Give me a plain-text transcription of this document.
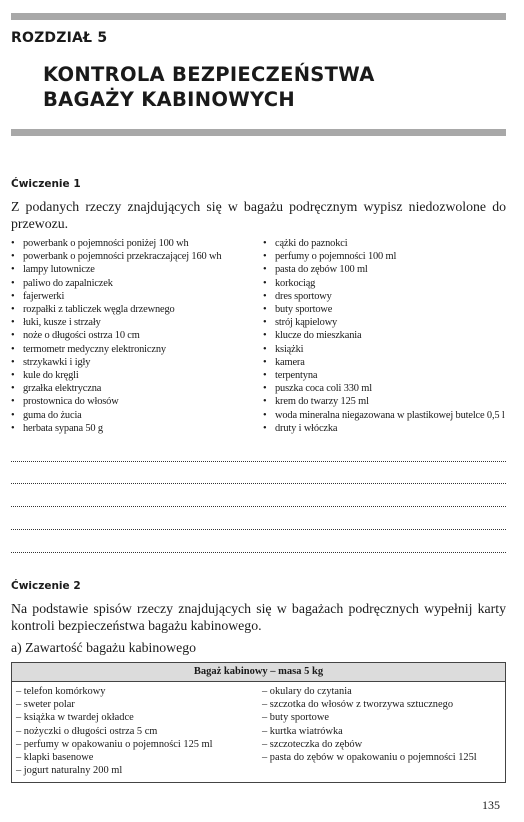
ROZDZIAŁ 5
KONTROLA BEZPIECZEŃSTWA
BAGAŻY KABINOWYCH
Ćwiczenie 1
Z podanych rzeczy znajdujących się w bagażu podręcznym wypisz niedozwolone do przewozu.
• powerbank o pojemności poniżej 100 wh
• powerbank o pojemności przekraczającej 160 wh
• lampy lutownicze
• paliwo do zapalniczek
• fajerwerki
• rozpałki z tabliczek węgla drzewnego
• łuki, kusze i strzały
• noże o długości ostrza 10 cm
• termometr medyczny elektroniczny
• strzykawki i igły
• kule do kręgli
• grzałka elektryczna
• prostownica do włosów
• guma do żucia
• herbata sypana 50 g
• cążki do paznokci
• perfumy o pojemności 100 ml
• pasta do zębów 100 ml
• korkociąg
• dres sportowy
• buty sportowe
• strój kąpielowy
• klucze do mieszkania
• książki
• kamera
• terpentyna
• puszka coca coli 330 ml
• krem do twarzy 125 ml
• woda mineralna niegazowana w plastikowej butelce 0,5 l
• druty i włóczka
Ćwiczenie 2
Na podstawie spisów rzeczy znajdujących się w bagażach podręcznych wypełnij karty kontroli bezpieczeństwa bagażu kabinowego.
a) Zawartość bagażu kabinowego
Bagaż kabinowy – masa 5 kg
– telefon komórkowy
– sweter polar
– książka w twardej okładce
– nożyczki o długości ostrza 5 cm
– perfumy w opakowaniu o pojemności 125 ml
– klapki basenowe
– jogurt naturalny 200 ml
– okulary do czytania
– szczotka do włosów z tworzywa sztucznego
– buty sportowe
– kurtka wiatrówka
– szczoteczka do zębów
– pasta do zębów w opakowaniu o pojemności 125l
135
